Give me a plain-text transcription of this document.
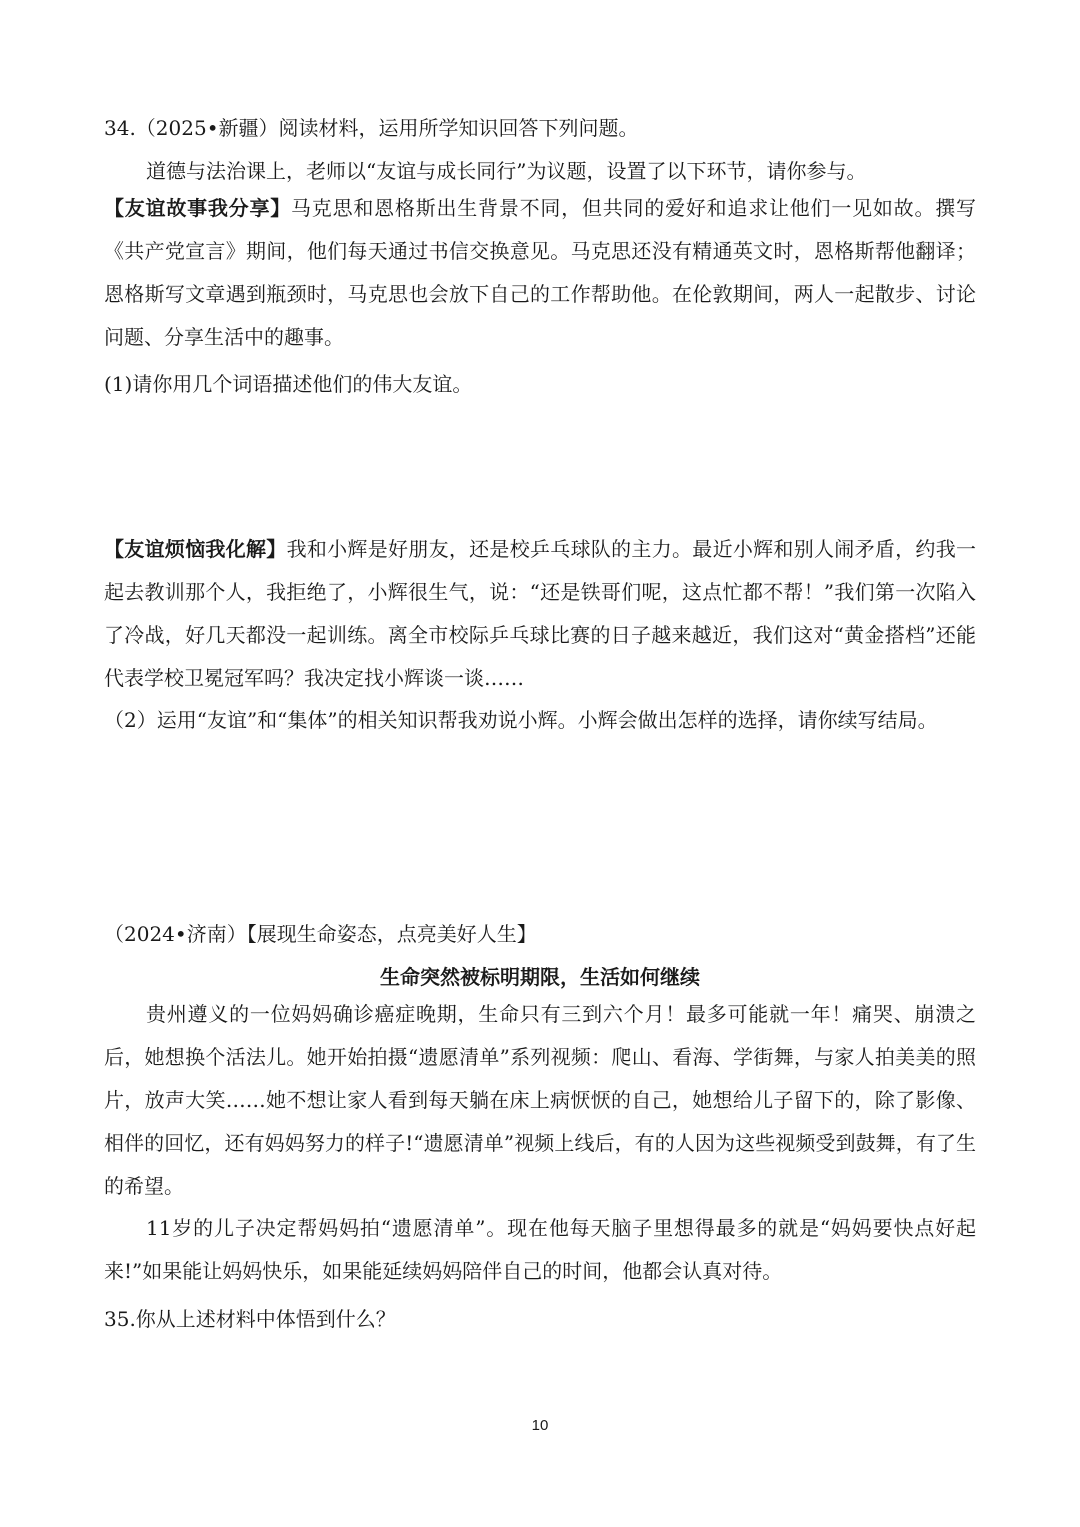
34.（2025•新疆）阅读材料，运用所学知识回答下列问题。
道德与法治课上，老师以“友谊与成长同行”为议题，设置了以下环节，请你参与。

【友谊故事我分享】马克思和恩格斯出生背景不同，但共同的爱好和追求让他们一见如故。撰写《共产党宣言》期间，他们每天通过书信交换意见。马克思还没有精通英文时，恩格斯帮他翻译；恩格斯写文章遇到瓶颈时，马克思也会放下自己的工作帮助他。在伦敦期间，两人一起散步、讨论问题、分享生活中的趣事。

(1)请你用几个词语描述他们的伟大友谊。

【友谊烦恼我化解】我和小辉是好朋友，还是校乒乓球队的主力。最近小辉和别人闹矛盾，约我一起去教训那个人，我拒绝了，小辉很生气，说：“还是铁哥们呢，这点忙都不帮！”我们第一次陷入了冷战，好几天都没一起训练。离全市校际乒乓球比赛的日子越来越近，我们这对“黄金搭档”还能代表学校卫冕冠军吗？我决定找小辉谈一谈……

（2）运用“友谊”和“集体”的相关知识帮我劝说小辉。小辉会做出怎样的选择，请你续写结局。

（2024•济南）【展现生命姿态，点亮美好人生】
生命突然被标明期限，生活如何继续

贵州遵义的一位妈妈确诊癌症晚期，生命只有三到六个月！最多可能就一年！痛哭、崩溃之后，她想换个活法儿。她开始拍摄“遗愿清单”系列视频：爬山、看海、学街舞，与家人拍美美的照片，放声大笑……她不想让家人看到每天躺在床上病恹恹的自己，她想给儿子留下的，除了影像、相伴的回忆，还有妈妈努力的样子!“遗愿清单”视频上线后，有的人因为这些视频受到鼓舞，有了生的希望。

11岁的儿子决定帮妈妈拍“遗愿清单”。现在他每天脑子里想得最多的就是“妈妈要快点好起来!”如果能让妈妈快乐，如果能延续妈妈陪伴自己的时间，他都会认真对待。

35.你从上述材料中体悟到什么？
10
